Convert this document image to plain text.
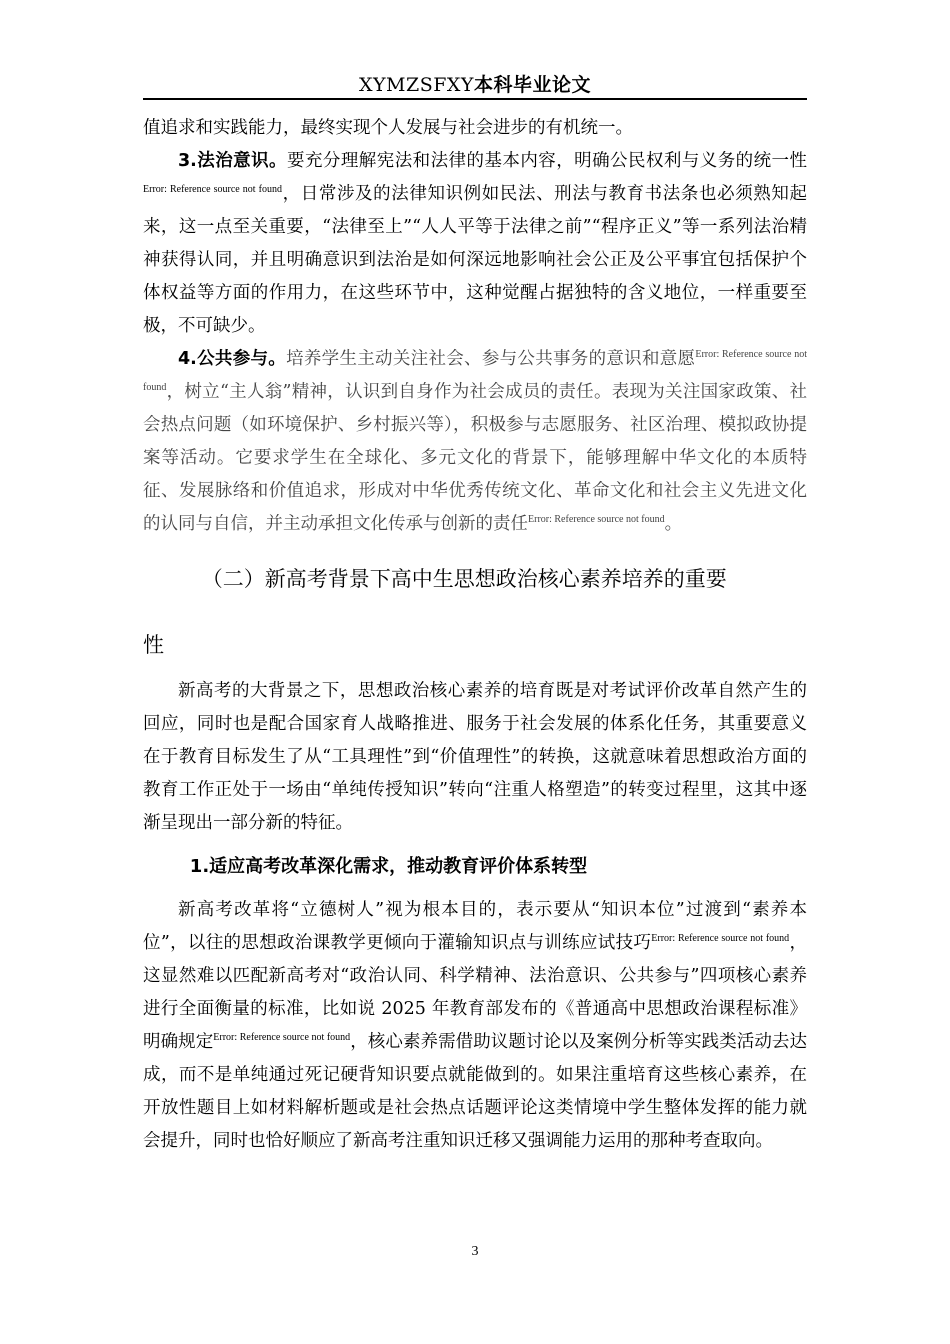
XYMZSFXY本科毕业论文

值追求和实践能力，最终实现个人发展与社会进步的有机统一。

3.法治意识。要充分理解宪法和法律的基本内容，明确公民权利与义务的统一性$^{Error: Reference source not found}$，日常涉及的法律知识例如民法、刑法与教育书法条也必须熟知起来，这一点至关重要，“法律至上”“人人平等于法律之前”“程序正义”等一系列法治精神获得认同，并且明确意识到法治是如何深远地影响社会公正及公平事宜包括保护个体权益等方面的作用力，在这些环节中，这种觉醒占据独特的含义地位，一样重要至极，不可缺少。

4.公共参与。培养学生主动关注社会、参与公共事务的意识和意愿$^{Error: Reference source not found}$，树立“主人翁”精神，认识到自身作为社会成员的责任。表现为关注国家政策、社会热点问题（如环境保护、乡村振兴等），积极参与志愿服务、社区治理、模拟政协提案等活动。它要求学生在全球化、多元文化的背景下，能够理解中华文化的本质特征、发展脉络和价值追求，形成对中华优秀传统文化、革命文化和社会主义先进文化的认同与自信，并主动承担文化传承与创新的责任$^{Error: Reference source not found}$。

（二）新高考背景下高中生思想政治核心素养培养的重要

性

新高考的大背景之下，思想政治核心素养的培育既是对考试评价改革自然产生的回应，同时也是配合国家育人战略推进、服务于社会发展的体系化任务，其重要意义在于教育目标发生了从“工具理性”到“价值理性”的转换，这就意味着思想政治方面的教育工作正处于一场由“单纯传授知识”转向“注重人格塑造”的转变过程里，这其中逐渐呈现出一部分新的特征。

1.适应高考改革深化需求，推动教育评价体系转型

新高考改革将“立德树人”视为根本目的，表示要从“知识本位”过渡到“素养本位”，以往的思想政治课教学更倾向于灌输知识点与训练应试技巧$^{Error: Reference source not found}$，这显然难以匹配新高考对“政治认同、科学精神、法治意识、公共参与”四项核心素养进行全面衡量的标准，比如说 2025 年教育部发布的《普通高中思想政治课程标准》明确规定$^{Error: Reference source not found}$，核心素养需借助议题讨论以及案例分析等实践类活动去达成，而不是单纯通过死记硬背知识要点就能做到的。如果注重培育这些核心素养，在开放性题目上如材料解析题或是社会热点话题评论这类情境中学生整体发挥的能力就会提升，同时也恰好顺应了新高考注重知识迁移又强调能力运用的那种考查取向。

3
